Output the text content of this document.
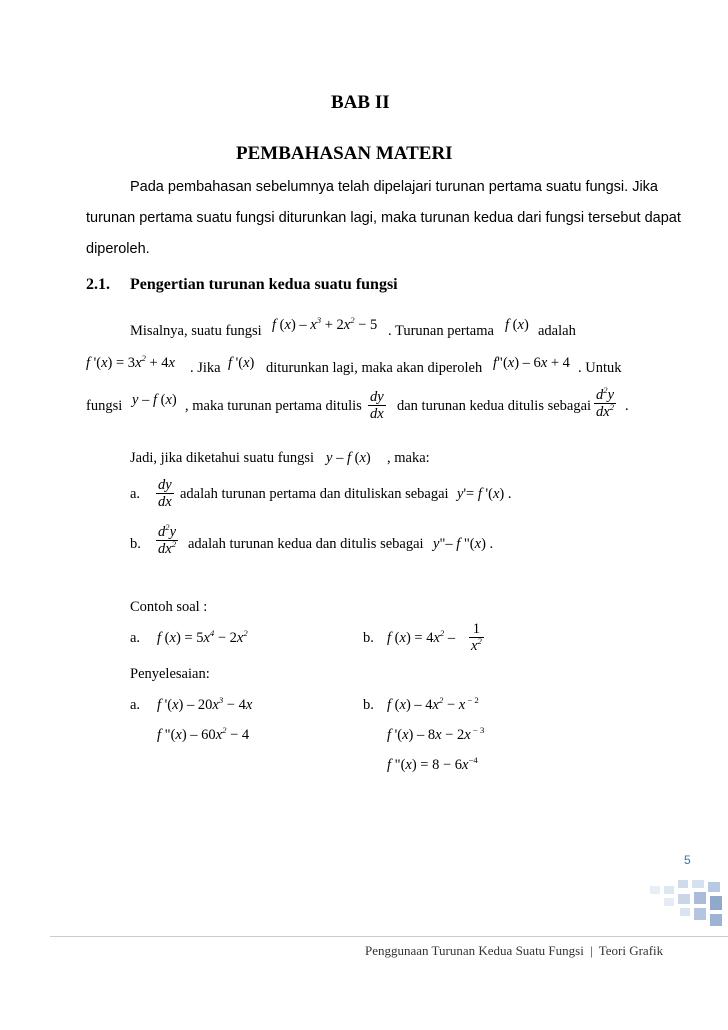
BAB II
PEMBAHASAN MATERI
Pada pembahasan sebelumnya telah dipelajari turunan pertama suatu fungsi. Jika
turunan pertama suatu fungsi diturunkan lagi, maka turunan kedua dari fungsi tersebut dapat
diperoleh.
2.1. Pengertian turunan kedua suatu fungsi
Misalnya, suatu fungsi f $(x) - x^3 + 2x^2 - 5$ . Turunan pertama f (x) adalah
f '$(x) = 3x^2 + 4x$ . Jika f '(x) diturunkan lagi, maka akan diperoleh f"(x) – 6x + 4 . Untuk
fungsi y – f (x) , maka turunan pertama ditulis $\frac{dy}{dx}$ dan turunan kedua ditulis sebagai $\frac{d^2y}{dx^2}$ .
Jadi, jika diketahui suatu fungsi y – f (x) , maka:
a. $\frac{dy}{dx}$ adalah turunan pertama dan dituliskan sebagai y'= f '(x) .
b. $\frac{d^2y}{dx^2}$ adalah turunan kedua dan ditulis sebagai y"– f "(x) .
Contoh soal :
a. f $(x) = 5x^4 - 2x^2$	b. f $(x) = 4x^2 - \frac{1}{x^2}$
Penyelesaian:
a. f '$(x) - 20x^3 - 4x$
f "$(x) - 60x^2 - 4$
b. f $(x) - 4x^2 - x$ $^{- 2}$
f '(x) – 8x − 2x $^{- 3}$
f "$(x) = 8 - 6x^{-4}$
5
Penggunaan Turunan Kedua Suatu Fungsi | Teori Grafik
